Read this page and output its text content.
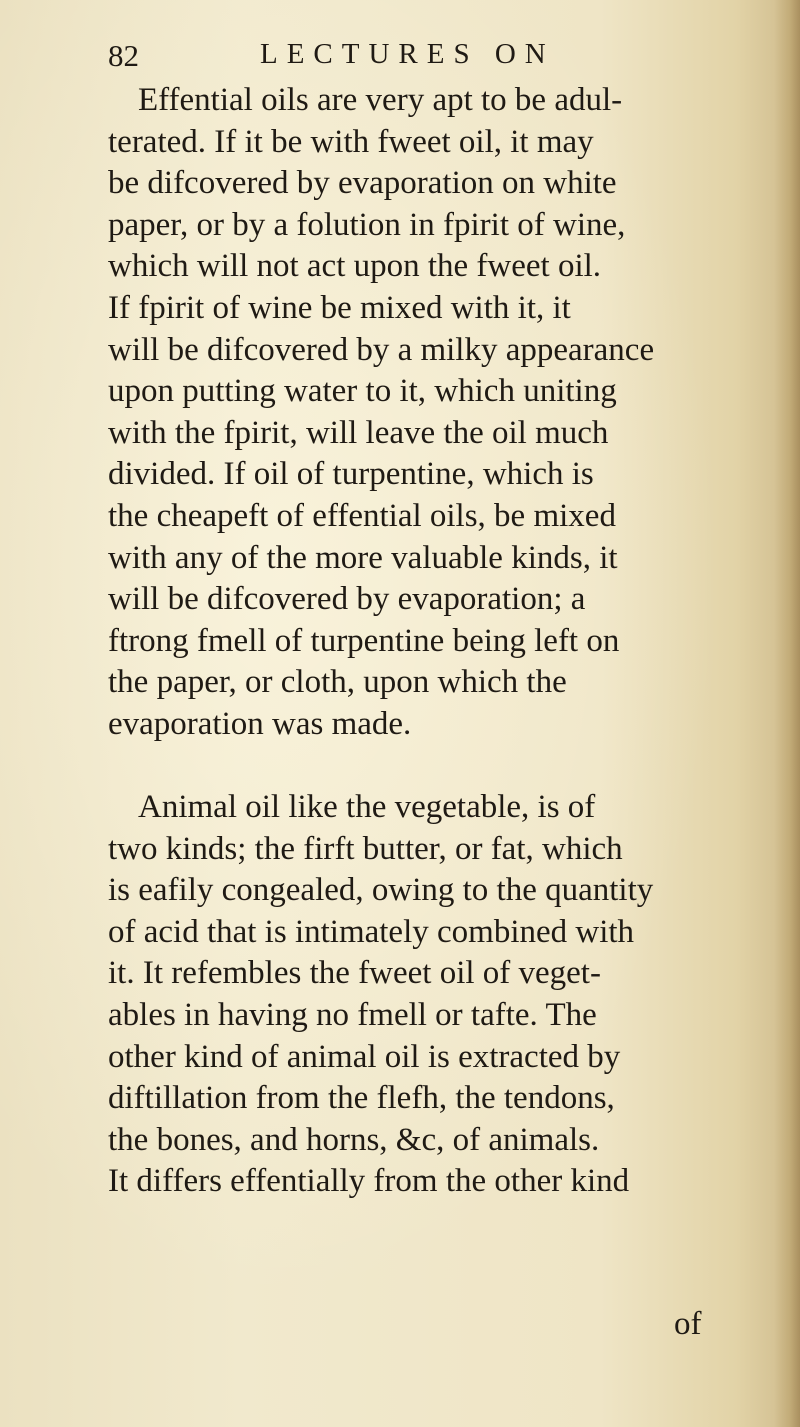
82	LECTURES ON

Effential oils are very apt to be adul-
terated. If it be with fweet oil, it may
be difcovered by evaporation on white
paper, or by a folution in fpirit of wine,
which will not act upon the fweet oil.
If fpirit of wine be mixed with it, it
will be difcovered by a milky appearance
upon putting water to it, which uniting
with the fpirit, will leave the oil much
divided. If oil of turpentine, which is
the cheapeft of effential oils, be mixed
with any of the more valuable kinds, it
will be difcovered by evaporation; a
ftrong fmell of turpentine being left on
the paper, or cloth, upon which the
evaporation was made.

Animal oil like the vegetable, is of
two kinds; the firft butter, or fat, which
is eafily congealed, owing to the quantity
of acid that is intimately combined with
it. It refembles the fweet oil of veget-
ables in having no fmell or tafte. The
other kind of animal oil is extracted by
diftillation from the flefh, the tendons,
the bones, and horns, &c, of animals.
It differs effentially from the other kind

of
